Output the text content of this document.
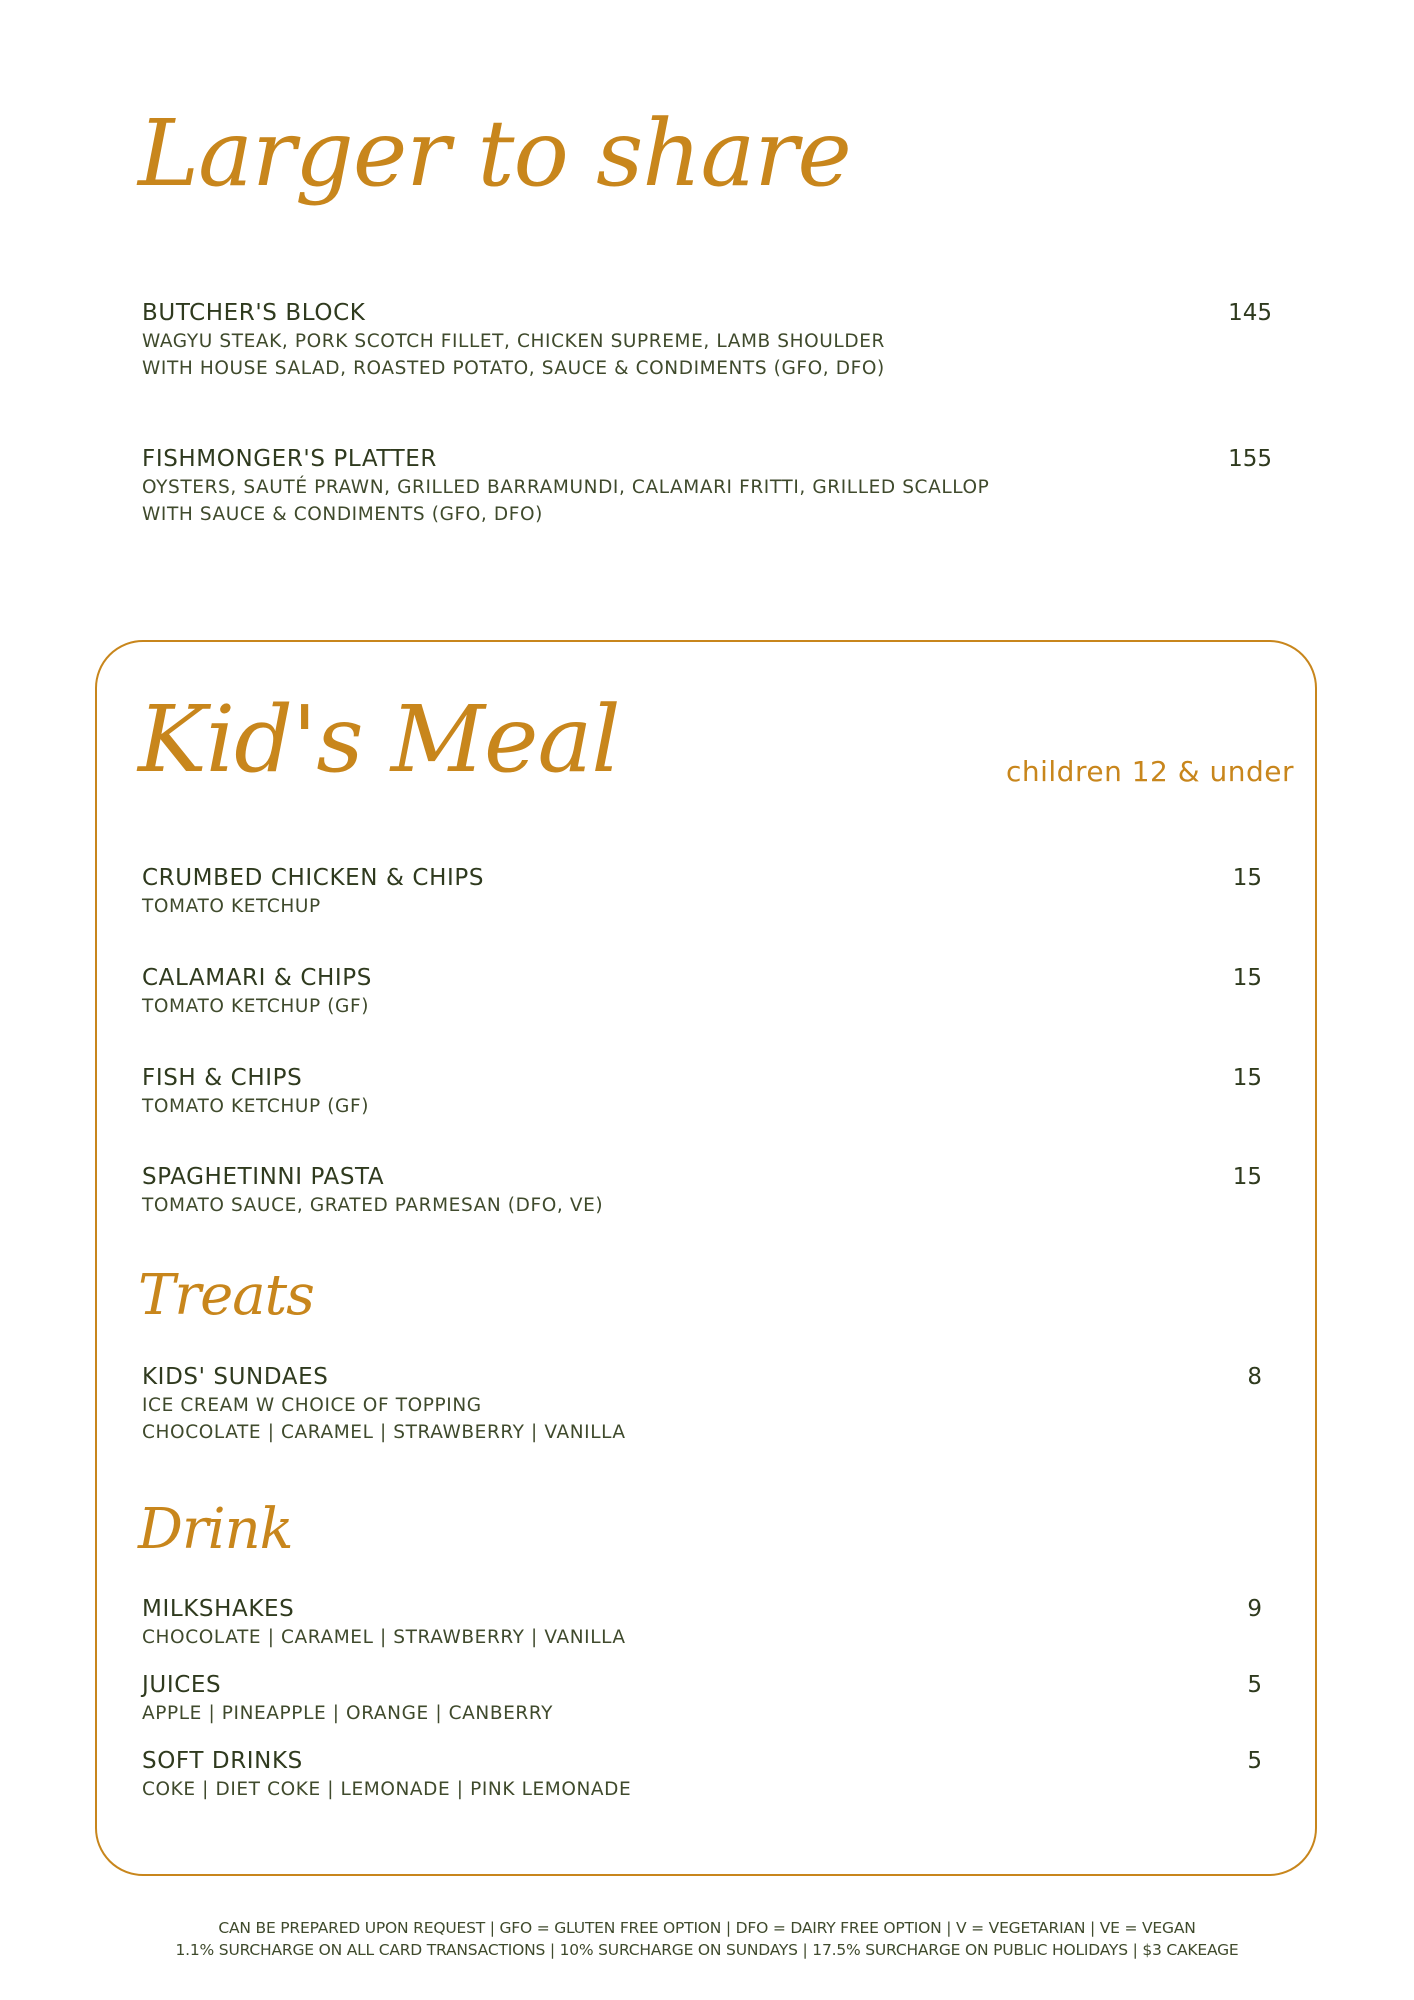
Larger to share
BUTCHER'S BLOCK
WAGYU STEAK, PORK SCOTCH FILLET, CHICKEN SUPREME, LAMB SHOULDER
WITH HOUSE SALAD, ROASTED POTATO, SAUCE & CONDIMENTS (GFO, DFO)
145
FISHMONGER'S PLATTER
OYSTERS, SAUTÉ PRAWN, GRILLED BARRAMUNDI, CALAMARI FRITTI, GRILLED SCALLOP
WITH SAUCE & CONDIMENTS (GFO, DFO)
155
Kid's Meal	children 12 & under
CRUMBED CHICKEN & CHIPS
TOMATO KETCHUP
15
CALAMARI & CHIPS
TOMATO KETCHUP (GF)
15
FISH & CHIPS
TOMATO KETCHUP (GF)
15
SPAGHETINNI PASTA
TOMATO SAUCE, GRATED PARMESAN (DFO, VE)
15
Treats
KIDS' SUNDAES
ICE CREAM W CHOICE OF TOPPING
CHOCOLATE | CARAMEL | STRAWBERRY | VANILLA
8
Drink
MILKSHAKES
CHOCOLATE | CARAMEL | STRAWBERRY | VANILLA
9
JUICES
APPLE | PINEAPPLE | ORANGE | CANBERRY
5
SOFT DRINKS
COKE | DIET COKE | LEMONADE | PINK LEMONADE
5
CAN BE PREPARED UPON REQUEST | GFO = GLUTEN FREE OPTION | DFO = DAIRY FREE OPTION | V = VEGETARIAN | VE = VEGAN
1.1% SURCHARGE ON ALL CARD TRANSACTIONS | 10% SURCHARGE ON SUNDAYS | 17.5% SURCHARGE ON PUBLIC HOLIDAYS | $3 CAKEAGE
